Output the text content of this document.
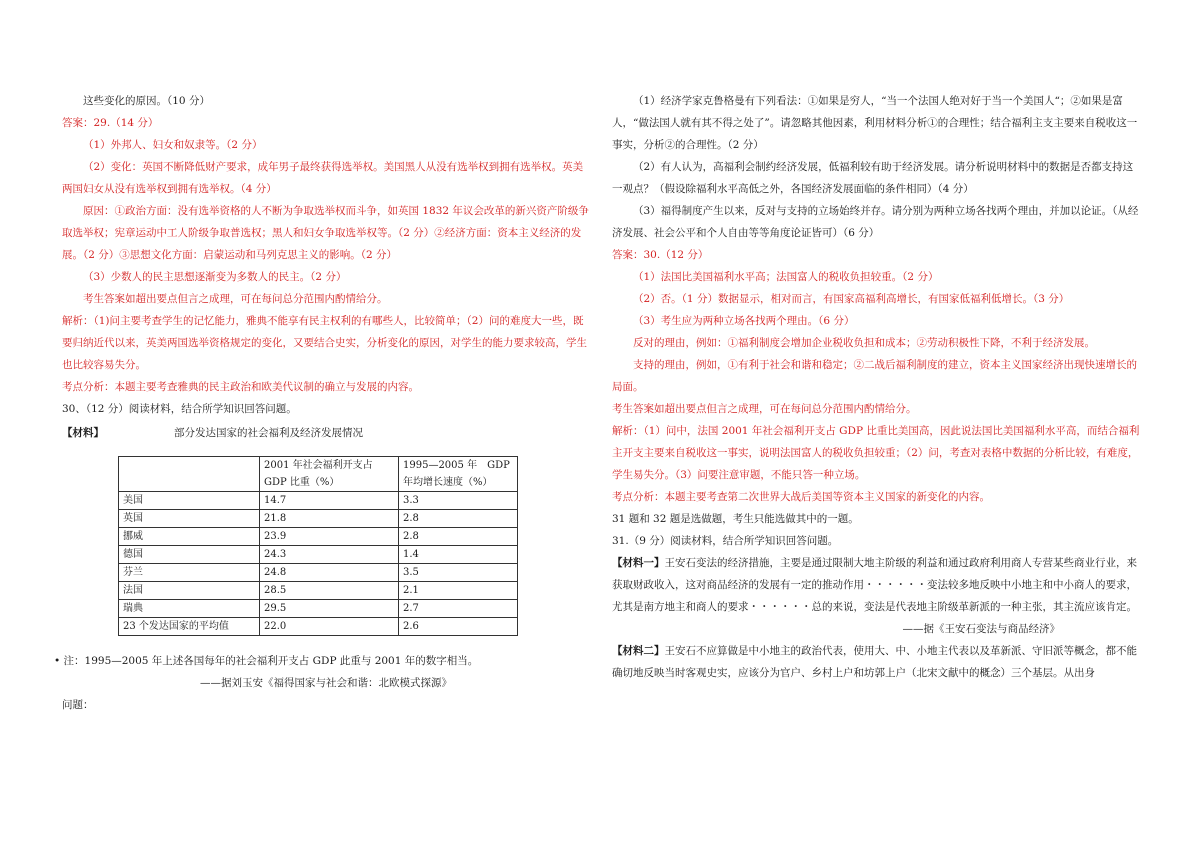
这些变化的原因。（10 分）

答案：29.（14 分）

（1）外邦人、妇女和奴隶等。（2 分）

（2）变化：英国不断降低财产要求，成年男子最终获得选举权。美国黑人从没有选举权到拥有选举权。英美两国妇女从没有选举权到拥有选举权。（4 分）

原因：①政治方面：没有选举资格的人不断为争取选举权而斗争，如英国 1832 年议会改革的新兴资产阶级争取选举权；宪章运动中工人阶级争取普选权；黑人和妇女争取选举权等。（2 分）②经济方面：资本主义经济的发展。（2 分）③思想文化方面：启蒙运动和马列克思主义的影响。（2 分）

（3）少数人的民主思想逐渐变为多数人的民主。（2 分）

考生答案如超出要点但言之成理，可在每问总分范围内酌情给分。

解析：（1)问主要考查学生的记忆能力，雅典不能享有民主权利的有哪些人，比较简单；（2）问的难度大一些，既要归纳近代以来，英美两国选举资格规定的变化，又要结合史实，分析变化的原因，对学生的能力要求较高，学生也比较容易失分。

考点分析：本题主要考查雅典的民主政治和欧美代议制的确立与发展的内容。

30、（12 分）阅读材料，结合所学知识回答问题。

【材料】	部分发达国家的社会福利及经济发展情况
	2001 年社会福利开支占 GDP 比重（%）	1995—2005 年　GDP 年均增长速度（%）
美国	14.7	3.3
英国	21.8	2.8
挪威	23.9	2.8
德国	24.3	1.4
芬兰	24.8	3.5
法国	28.5	2.1
瑞典	29.5	2.7
23 个发达国家的平均值	22.0	2.6

• 注：1995—2005 年上述各国每年的社会福利开支占 GDP 此重与 2001 年的数字相当。

——据刘玉安《福得国家与社会和谐：北欧模式探源》

问题：

（1）经济学家克鲁格曼有下列看法：①如果是穷人，“当一个法国人绝对好于当一个美国人“；②如果是富人，“做法国人就有其不得之处了”。请忽略其他因素，利用材料分析①的合理性；结合福利主支主要来自税收这一事实，分析②的合理性。（2 分）

（2）有人认为，高福利会制约经济发展，低福利较有助于经济发展。请分析说明材料中的数据是否都支持这一观点？（假设除福利水平高低之外，各国经济发展面临的条件相同）（4 分）

（3）福得制度产生以来，反对与支持的立场始终并存。请分别为两种立场各找两个理由，并加以论证。（从经济发展、社会公平和个人自由等等角度论证皆可）（6 分）

答案：30.（12 分）

（1）法国比美国福利水平高；法国富人的税收负担较重。（2 分）

（2）否。（1 分）数据显示，相对而言，有国家高福利高增长，有国家低福利低增长。（3 分）

（3）考生应为两种立场各找两个理由。（6 分）

反对的理由，例如：①福利制度会增加企业税收负担和成本；②劳动积极性下降，不利于经济发展。

支持的理由，例如，①有利于社会和谐和稳定；②二战后福利制度的建立，资本主义国家经济出现快速增长的局面。

考生答案如超出要点但言之成理，可在每问总分范围内酌情给分。

解析：（1）问中，法国 2001 年社会福利开支占 GDP 比重比美国高，因此说法国比美国福利水平高，而结合福利主开支主要来自税收这一事实，说明法国富人的税收负担较重；（2）问，考查对表格中数据的分析比较，有难度，学生易失分。（3）问要注意审题，不能只答一种立场。

考点分析：本题主要考查第二次世界大战后美国等资本主义国家的新变化的内容。

31 题和 32 题是选做题，考生只能选做其中的一题。

31.（9 分）阅读材料，结合所学知识回答问题。

【材料一】王安石变法的经济措施，主要是通过限制大地主阶级的利益和通过政府利用商人专营某些商业行业，来获取财政收入，这对商品经济的发展有一定的推动作用・・・・・・变法较多地反映中小地主和中小商人的要求，尤其是南方地主和商人的要求・・・・・・总的来说，变法是代表地主阶级革新派的一种主张，其主流应该肯定。

——据《王安石变法与商品经济》

【材料二】王安石不应算做是中小地主的政治代表，使用大、中、小地主代表以及革新派、守旧派等概念，都不能确切地反映当时客观史实，应该分为官户、乡村上户和坊郭上户（北宋文献中的概念）三个基层。从出身
